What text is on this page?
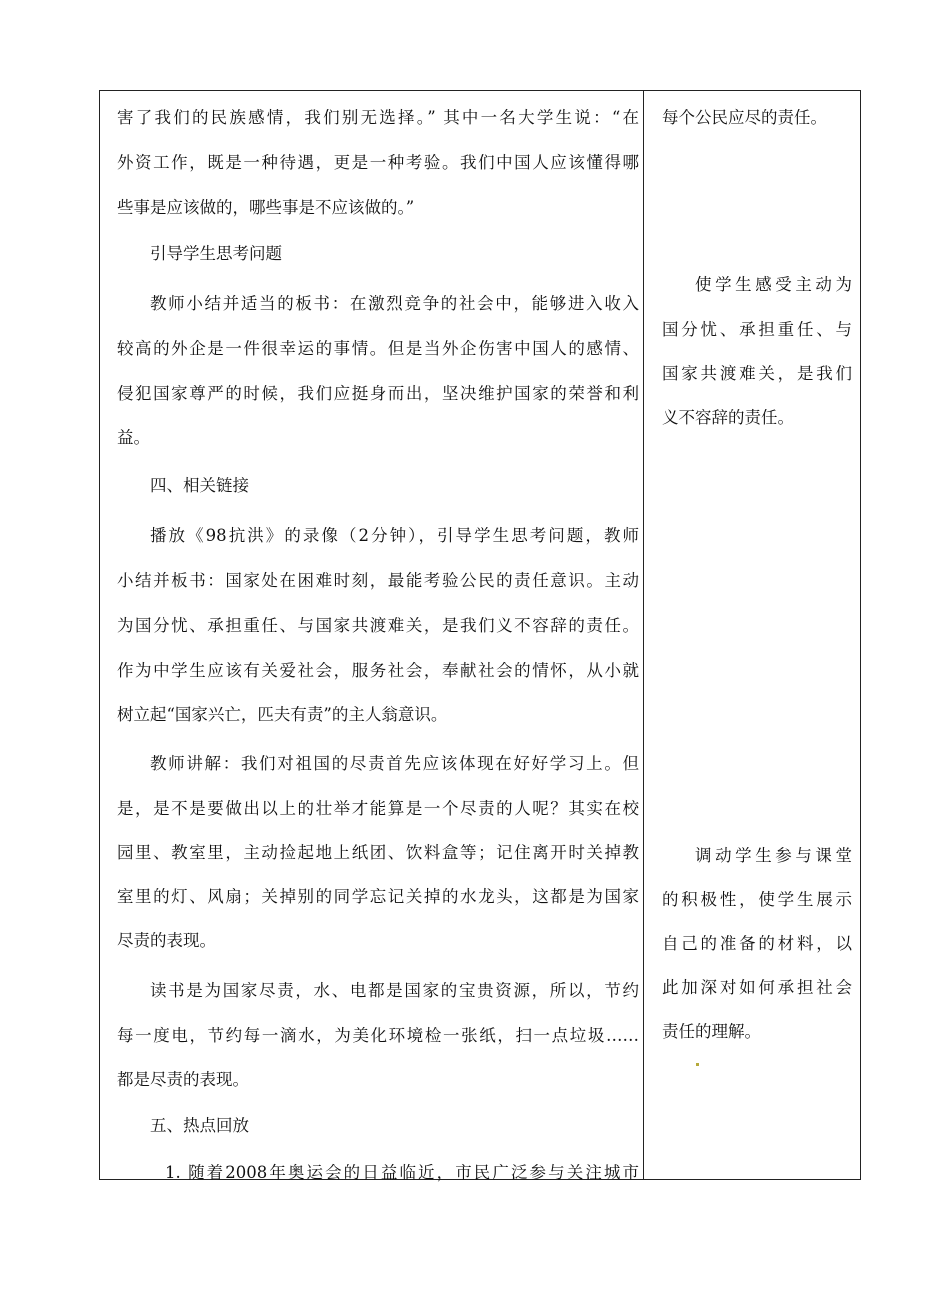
害了我们的民族感情，我们别无选择。” 其中一名大学生说：“在
外资工作，既是一种待遇，更是一种考验。我们中国人应该懂得哪
些事是应该做的，哪些事是不应该做的。”
引导学生思考问题
教师小结并适当的板书：在激烈竞争的社会中，能够进入收入
较高的外企是一件很幸运的事情。但是当外企伤害中国人的感情、
侵犯国家尊严的时候，我们应挺身而出，坚决维护国家的荣誉和利
益。
四、相关链接
播放《98抗洪》的录像（2分钟），引导学生思考问题，教师
小结并板书：国家处在困难时刻，最能考验公民的责任意识。主动
为国分忧、承担重任、与国家共渡难关，是我们义不容辞的责任。
作为中学生应该有关爱社会，服务社会，奉献社会的情怀，从小就
树立起“国家兴亡，匹夫有责”的主人翁意识。
教师讲解：我们对祖国的尽责首先应该体现在好好学习上。但
是，是不是要做出以上的壮举才能算是一个尽责的人呢？其实在校
园里、教室里，主动捡起地上纸团、饮料盒等；记住离开时关掉教
室里的灯、风扇；关掉别的同学忘记关掉的水龙头，这都是为国家
尽责的表现。
读书是为国家尽责，水、电都是国家的宝贵资源，所以，节约
每一度电，节约每一滴水，为美化环境检一张纸，扫一点垃圾……
都是尽责的表现。
五、热点回放
1. 随着2008年奥运会的日益临近，市民广泛参与关注城市
每个公民应尽的责任。
使学生感受主动为
国分忧、承担重任、与
国家共渡难关，是我们
义不容辞的责任。
调动学生参与课堂
的积极性，使学生展示
自己的准备的材料，以
此加深对如何承担社会
责任的理解。
